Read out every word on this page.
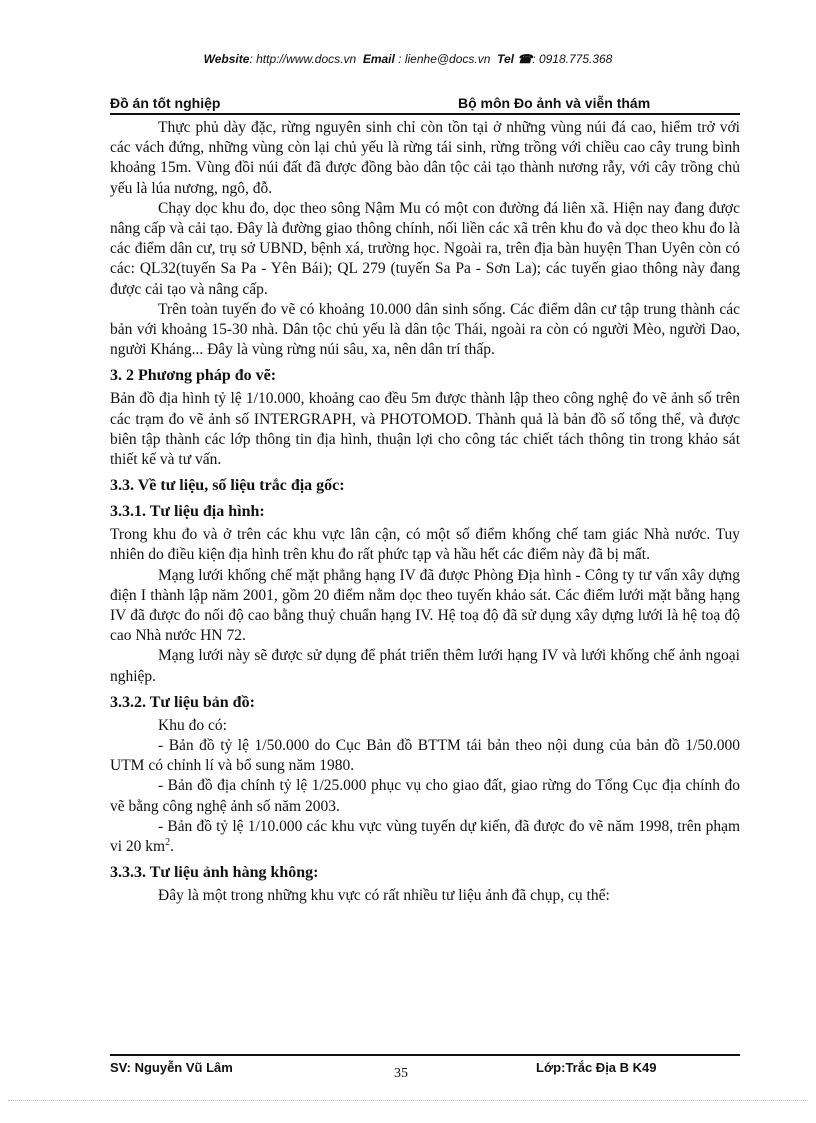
Website: http://www.docs.vn Email : lienhe@docs.vn Tel ☎: 0918.775.368
Đồ án tốt nghiệp	Bộ môn Đo ảnh và viễn thám

Thực phủ dày đặc, rừng nguyên sinh chỉ còn tồn tại ở những vùng núi đá cao, hiểm trở với các vách đứng, những vùng còn lại chủ yếu là rừng tái sinh, rừng trồng với chiều cao cây trung bình khoảng 15m. Vùng đồi núi đất đã được đồng bào dân tộc cải tạo thành nương rẫy, với cây trồng chủ yếu là lúa nương, ngô, đỗ.

Chạy dọc khu đo, dọc theo sông Nậm Mu có một con đường đá liên xã. Hiện nay đang được nâng cấp và cải tạo. Đây là đường giao thông chính, nối liền các xã trên khu đo và dọc theo khu đo là các điểm dân cư, trụ sở UBND, bệnh xá, trường học. Ngoài ra, trên địa bàn huyện Than Uyên còn có các: QL32(tuyến Sa Pa - Yên Bái); QL 279 (tuyến Sa Pa - Sơn La); các tuyến giao thông này đang được cải tạo và nâng cấp.

Trên toàn tuyến đo vẽ có khoảng 10.000 dân sinh sống. Các điểm dân cư tập trung thành các bản với khoảng 15-30 nhà. Dân tộc chủ yếu là dân tộc Thái, ngoài ra còn có người Mèo, người Dao, người Kháng... Đây là vùng rừng núi sâu, xa, nên dân trí thấp.

3. 2 Phương pháp đo vẽ:

Bản đồ địa hình tỷ lệ 1/10.000, khoảng cao đều 5m được thành lập theo công nghệ đo vẽ ảnh số trên các trạm đo vẽ ảnh số INTERGRAPH, và PHOTOMOD. Thành quả là bản đồ số tổng thể, và được biên tập thành các lớp thông tin địa hình, thuận lợi cho công tác chiết tách thông tin trong khảo sát thiết kế và tư vấn.

3.3. Về tư liệu, số liệu trắc địa gốc:
3.3.1. Tư liệu địa hình:

Trong khu đo và ở trên các khu vực lân cận, có một số điểm khống chế tam giác Nhà nước. Tuy nhiên do điều kiện địa hình trên khu đo rất phức tạp và hầu hết các điểm này đã bị mất.

Mạng lưới khống chế mặt phẳng hạng IV đã được Phòng Địa hình - Công ty tư vấn xây dựng điện I thành lập năm 2001, gồm 20 điểm nằm dọc theo tuyến khảo sát. Các điểm lưới mặt bằng hạng IV đã được đo nối độ cao bằng thuỷ chuẩn hạng IV. Hệ toạ độ đã sử dụng xây dựng lưới là hệ toạ độ cao Nhà nước HN 72.

Mạng lưới này sẽ được sử dụng để phát triển thêm lưới hạng IV và lưới khống chế ảnh ngoại nghiệp.

3.3.2. Tư liệu bản đồ:

Khu đo có:

- Bản đồ tỷ lệ 1/50.000 do Cục Bản đồ BTTM tái bản theo nội dung của bản đồ 1/50.000 UTM có chỉnh lí và bổ sung năm 1980.

- Bản đồ địa chính tỷ lệ 1/25.000 phục vụ cho giao đất, giao rừng do Tổng Cục địa chính đo vẽ bằng công nghệ ảnh số năm 2003.

- Bản đồ tỷ lệ 1/10.000 các khu vực vùng tuyến dự kiến, đã được đo vẽ năm 1998, trên phạm vi 20 $km^2$.

3.3.3. Tư liệu ảnh hàng không:

Đây là một trong những khu vực có rất nhiều tư liệu ảnh đã chụp, cụ thể:

SV: Nguyễn Vũ Lâm	35	Lớp:Trắc Địa B K49
